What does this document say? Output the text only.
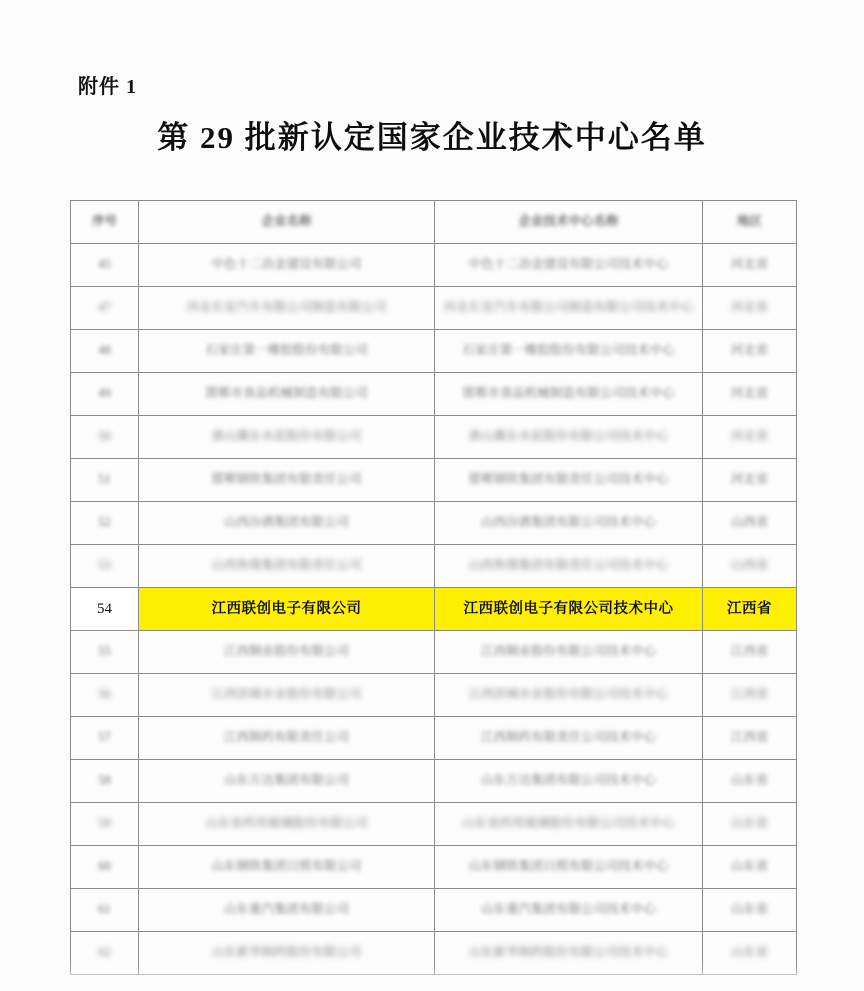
附件 1
第 29 批新认定国家企业技术中心名单
序号	企业名称	企业技术中心名称	地区
45	中色十二冶金建设有限公司	中色十二冶金建设有限公司技术中心	河北省
47	河北长安汽车有限公司制造有限公司	河北长安汽车有限公司制造有限公司技术中心	河北省
48	石家庄第一橡胶股份有限公司	石家庄第一橡胶股份有限公司技术中心	河北省
49	邯郸市食品机械制造有限公司	邯郸市食品机械制造有限公司技术中心	河北省
50	唐山冀东水泥股份有限公司	唐山冀东水泥股份有限公司技术中心	河北省
51	邯郸钢铁集团有限责任公司	邯郸钢铁集团有限责任公司技术中心	河北省
52	山西汾酒集团有限公司	山西汾酒集团有限公司技术中心	山西省
53	山西焦煤集团有限责任公司	山西焦煤集团有限责任公司技术中心	山西省
54	江西联创电子有限公司	江西联创电子有限公司技术中心	江西省
55	江西铜业股份有限公司	江西铜业股份有限公司技术中心	江西省
56	江西洪城水业股份有限公司	江西洪城水业股份有限公司技术中心	江西省
57	江西制药有限责任公司	江西制药有限责任公司技术中心	江西省
58	山东万达集团有限公司	山东万达集团有限公司技术中心	山东省
59	山东省药用玻璃股份有限公司	山东省药用玻璃股份有限公司技术中心	山东省
60	山东钢铁集团日照有限公司	山东钢铁集团日照有限公司技术中心	山东省
61	山东重汽集团有限公司	山东重汽集团有限公司技术中心	山东省
62	山东新华制药股份有限公司	山东新华制药股份有限公司技术中心	山东省
